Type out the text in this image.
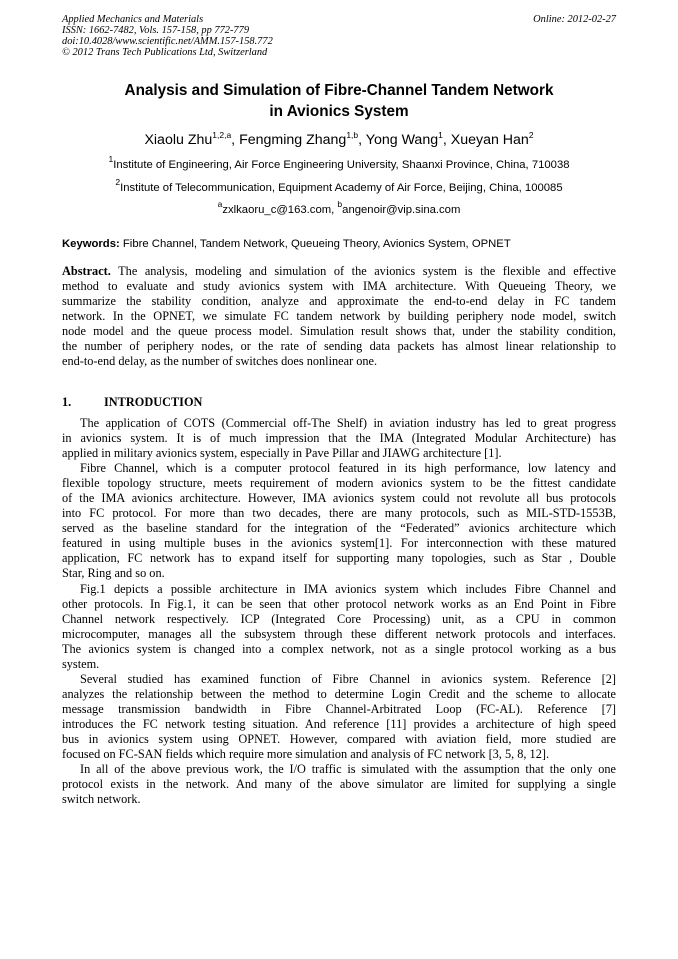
Applied Mechanics and Materials
ISSN: 1662-7482, Vols. 157-158, pp 772-779
doi:10.4028/www.scientific.net/AMM.157-158.772
© 2012 Trans Tech Publications Ltd, Switzerland
Online: 2012-02-27
Analysis and Simulation of Fibre-Channel Tandem Network
in Avionics System
Xiaolu Zhu$^{1,2,a}$, Fengming Zhang$^{1,b}$, Yong Wang$^1$, Xueyan Han$^2$
$^1$Institute of Engineering, Air Force Engineering University, Shaanxi Province, China, 710038
$^2$Institute of Telecommunication, Equipment Academy of Air Force, Beijing, China, 100085
$^a$zxlkaoru_c@163.com, $^b$angenoir@vip.sina.com
Keywords: Fibre Channel, Tandem Network, Queueing Theory, Avionics System, OPNET
Abstract. The analysis, modeling and simulation of the avionics system is the flexible and effective
method to evaluate and study avionics system with IMA architecture. With Queueing Theory, we
summarize the stability condition, analyze and approximate the end-to-end delay in FC tandem
network. In the OPNET, we simulate FC tandem network by building periphery node model, switch
node model and the queue process model. Simulation result shows that, under the stability condition,
the number of periphery nodes, or the rate of sending data packets has almost linear relationship to
end-to-end delay, as the number of switches does nonlinear one.
1.	INTRODUCTION
The application of COTS (Commercial off-The Shelf) in aviation industry has led to great progress
in avionics system. It is of much impression that the IMA (Integrated Modular Architecture) has
applied in military avionics system, especially in Pave Pillar and JIAWG architecture [1].
Fibre Channel, which is a computer protocol featured in its high performance, low latency and
flexible topology structure, meets requirement of modern avionics system to be the fittest candidate
of the IMA avionics architecture. However, IMA avionics system could not revolute all bus protocols
into FC protocol. For more than two decades, there are many protocols, such as MIL-STD-1553B,
served as the baseline standard for the integration of the “Federated” avionics architecture which
featured in using multiple buses in the avionics system[1]. For interconnection with these matured
application, FC network has to expand itself for supporting many topologies, such as Star , Double
Star, Ring and so on.
Fig.1 depicts a possible architecture in IMA avionics system which includes Fibre Channel and
other protocols. In Fig.1, it can be seen that other protocol network works as an End Point in Fibre
Channel network respectively. ICP (Integrated Core Processing) unit, as a CPU in common
microcomputer, manages all the subsystem through these different network protocols and interfaces.
The avionics system is changed into a complex network, not as a single protocol working as a bus
system.
Several studied has examined function of Fibre Channel in avionics system. Reference [2]
analyzes the relationship between the method to determine Login Credit and the scheme to allocate
message transmission bandwidth in Fibre Channel-Arbitrated Loop (FC-AL). Reference [7]
introduces the FC network testing situation. And reference [11] provides a architecture of high speed
bus in avionics system using OPNET. However, compared with aviation field, more studied are
focused on FC-SAN fields which require more simulation and analysis of FC network [3, 5, 8, 12].
In all of the above previous work, the I/O traffic is simulated with the assumption that the only one
protocol exists in the network. And many of the above simulator are limited for supplying a single
switch network.
